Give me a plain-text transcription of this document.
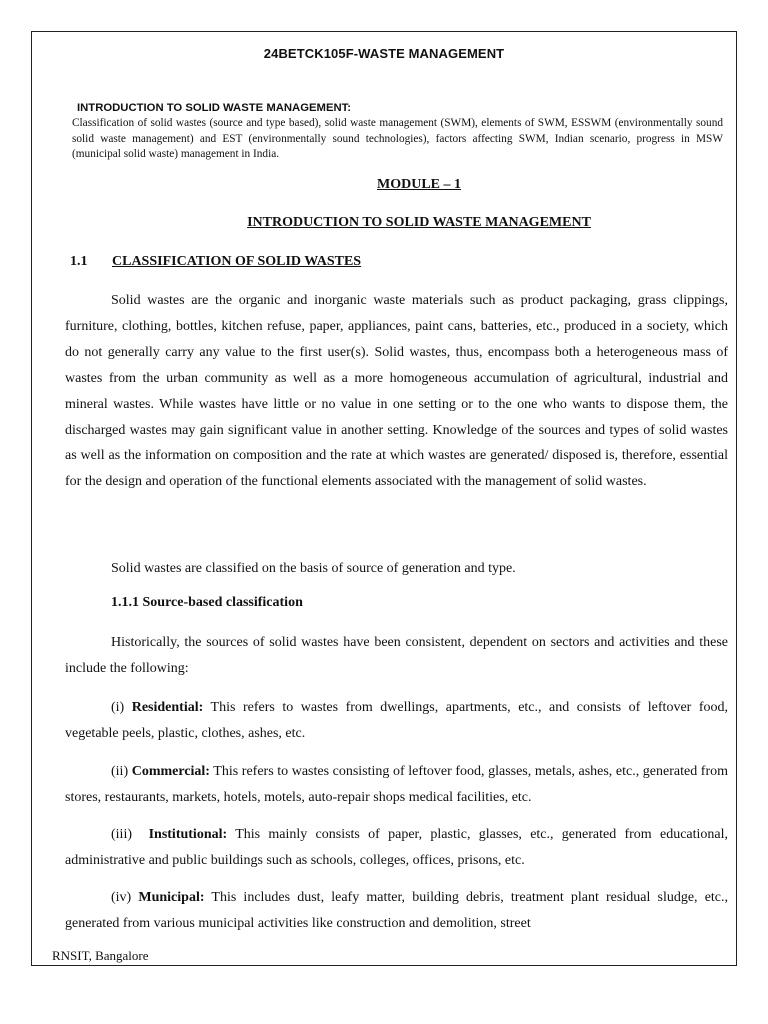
24BETCK105F-WASTE MANAGEMENT

INTRODUCTION TO SOLID WASTE MANAGEMENT:
Classification of solid wastes (source and type based), solid waste management (SWM), elements of SWM, ESSWM (environmentally sound solid waste management) and EST (environmentally sound technologies), factors affecting SWM, Indian scenario, progress in MSW (municipal solid waste) management in India.

MODULE – 1

INTRODUCTION TO SOLID WASTE MANAGEMENT

1.1 CLASSIFICATION OF SOLID WASTES

Solid wastes are the organic and inorganic waste materials such as product packaging, grass clippings, furniture, clothing, bottles, kitchen refuse, paper, appliances, paint cans, batteries, etc., produced in a society, which do not generally carry any value to the first user(s). Solid wastes, thus, encompass both a heterogeneous mass of wastes from the urban community as well as a more homogeneous accumulation of agricultural, industrial and mineral wastes. While wastes have little or no value in one setting or to the one who wants to dispose them, the discharged wastes may gain significant value in another setting. Knowledge of the sources and types of solid wastes as well as the information on composition and the rate at which wastes are generated/ disposed is, therefore, essential for the design and operation of the functional elements associated with the management of solid wastes.

Solid wastes are classified on the basis of source of generation and type.

1.1.1 Source-based classification

Historically, the sources of solid wastes have been consistent, dependent on sectors and activities and these include the following:

(i) Residential: This refers to wastes from dwellings, apartments, etc., and consists of leftover food, vegetable peels, plastic, clothes, ashes, etc.

(ii) Commercial: This refers to wastes consisting of leftover food, glasses, metals, ashes, etc., generated from stores, restaurants, markets, hotels, motels, auto-repair shops medical facilities, etc.

(iii)  Institutional: This mainly consists of paper, plastic, glasses, etc., generated from educational, administrative and public buildings such as schools, colleges, offices, prisons, etc.

(iv) Municipal: This includes dust, leafy matter, building debris, treatment plant residual sludge, etc., generated from various municipal activities like construction and demolition, street

RNSIT, Bangalore
